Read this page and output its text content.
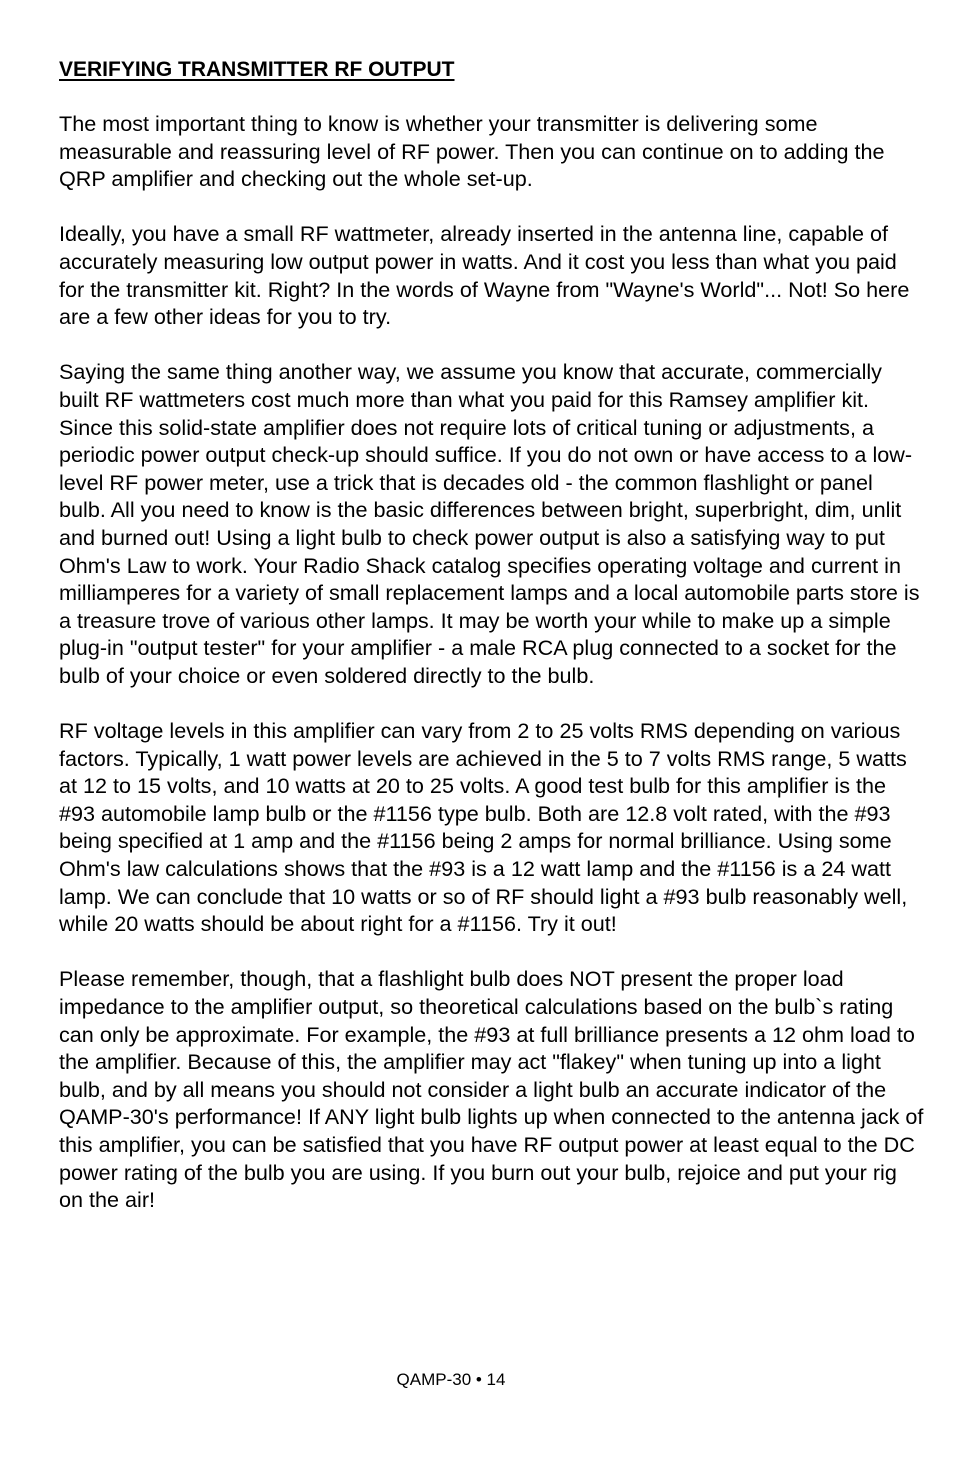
VERIFYING TRANSMITTER RF OUTPUT

The most important thing to know is whether your transmitter is delivering some measurable and reassuring level of RF power. Then you can continue on to adding the QRP amplifier and checking out the whole set-up.

Ideally, you have a small RF wattmeter, already inserted in the antenna line, capable of accurately measuring low output power in watts. And it cost you less than what you paid for the transmitter kit. Right? In the words of Wayne from "Wayne's World"... Not! So here are a few other ideas for you to try.

Saying the same thing another way, we assume you know that accurate, commercially built RF wattmeters cost much more than what you paid for this Ramsey amplifier kit. Since this solid-state amplifier does not require lots of critical tuning or adjustments, a periodic power output check-up should suffice. If you do not own or have access to a low-level RF power meter, use a trick that is decades old - the common flashlight or panel bulb. All you need to know is the basic differences between bright, superbright, dim, unlit and burned out! Using a light bulb to check power output is also a satisfying way to put Ohm's Law to work. Your Radio Shack catalog specifies operating voltage and current in milliamperes for a variety of small replacement lamps and a local automobile parts store is a treasure trove of various other lamps. It may be worth your while to make up a simple plug-in "output tester" for your amplifier - a male RCA plug connected to a socket for the bulb of your choice or even soldered directly to the bulb.

RF voltage levels in this amplifier can vary from 2 to 25 volts RMS depending on various factors. Typically, 1 watt power levels are achieved in the 5 to 7 volts RMS range, 5 watts at 12 to 15 volts, and 10 watts at 20 to 25 volts. A good test bulb for this amplifier is the #93 automobile lamp bulb or the #1156 type bulb. Both are 12.8 volt rated, with the #93 being specified at 1 amp and the #1156 being 2 amps for normal brilliance. Using some Ohm's law calculations shows that the #93 is a 12 watt lamp and the #1156 is a 24 watt lamp. We can conclude that 10 watts or so of RF should light a #93 bulb reasonably well, while 20 watts should be about right for a #1156. Try it out!

Please remember, though, that a flashlight bulb does NOT present the proper load impedance to the amplifier output, so theoretical calculations based on the bulb`s rating can only be approximate. For example, the #93 at full brilliance presents a 12 ohm load to the amplifier. Because of this, the amplifier may act "flakey" when tuning up into a light bulb, and by all means you should not consider a light bulb an accurate indicator of the QAMP-30's performance! If ANY light bulb lights up when connected to the antenna jack of this amplifier, you can be satisfied that you have RF output power at least equal to the DC power rating of the bulb you are using. If you burn out your bulb, rejoice and put your rig on the air!

QAMP-30 • 14
